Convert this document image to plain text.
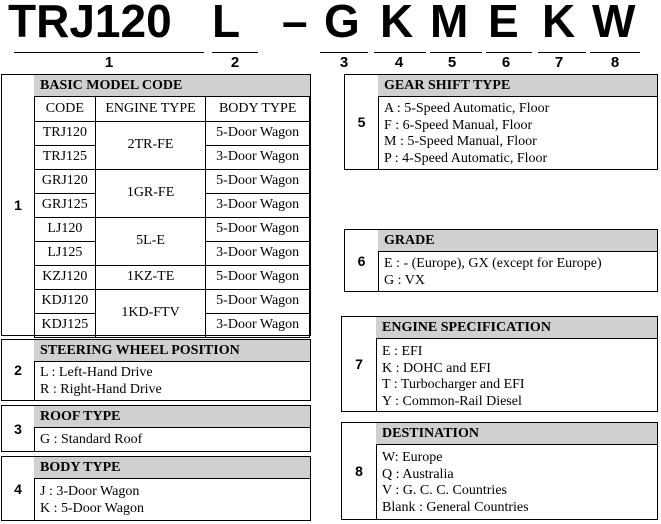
TRJ120 L – G K M E K W
1	2	3	4	5	6	7	8
1
BASIC MODEL CODE
CODE	ENGINE TYPE	BODY TYPE
TRJ120	2TR-FE	5-Door Wagon
TRJ125		3-Door Wagon
GRJ120	1GR-FE	5-Door Wagon
GRJ125		3-Door Wagon
LJ120	5L-E	5-Door Wagon
LJ125		3-Door Wagon
KZJ120	1KZ-TE	5-Door Wagon
KDJ120	1KD-FTV	5-Door Wagon
KDJ125		3-Door Wagon
2
STEERING WHEEL POSITION
L : Left-Hand Drive
R : Right-Hand Drive
3
ROOF TYPE
G : Standard Roof
4
BODY TYPE
J : 3-Door Wagon
K : 5-Door Wagon
5
GEAR SHIFT TYPE
A : 5-Speed Automatic, Floor
F : 6-Speed Manual, Floor
M : 5-Speed Manual, Floor
P : 4-Speed Automatic, Floor
6
GRADE
E : - (Europe), GX (except for Europe)
G : VX
7
ENGINE SPECIFICATION
E : EFI
K : DOHC and EFI
T : Turbocharger and EFI
Y : Common-Rail Diesel
8
DESTINATION
W: Europe
Q : Australia
V : G. C. C. Countries
Blank : General Countries
